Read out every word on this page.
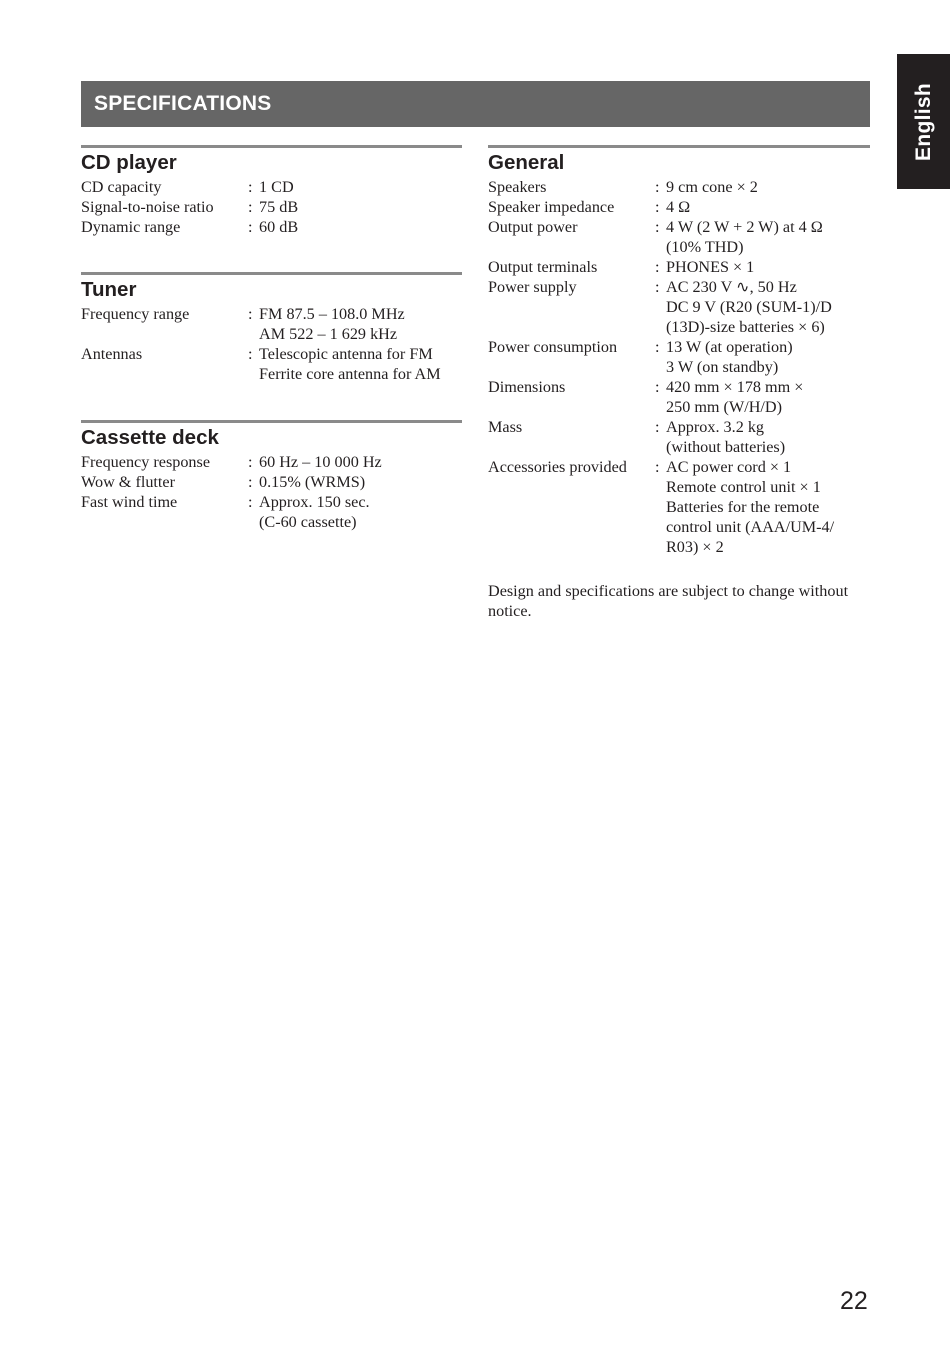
SPECIFICATIONS	English
CD player
CD capacity	: 1 CD
Signal-to-noise ratio	: 75 dB
Dynamic range	: 60 dB
Tuner
Frequency range	: FM 87.5 – 108.0 MHz
AM 522 – 1 629 kHz
Antennas	: Telescopic antenna for FM
Ferrite core antenna for AM
Cassette deck
Frequency response	: 60 Hz – 10 000 Hz
Wow & flutter	: 0.15% (WRMS)
Fast wind time	: Approx. 150 sec.
(C-60 cassette)
General
Speakers	: 9 cm cone × 2
Speaker impedance	: 4 Ω
Output power	: 4 W (2 W + 2 W) at 4 Ω
(10% THD)
Output terminals	: PHONES × 1
Power supply	: AC 230 V ∿, 50 Hz
DC 9 V (R20 (SUM-1)/D
(13D)-size batteries × 6)
Power consumption	: 13 W (at operation)
3 W (on standby)
Dimensions	: 420 mm × 178 mm ×
250 mm (W/H/D)
Mass	: Approx. 3.2 kg
(without batteries)
Accessories provided	: AC power cord × 1
Remote control unit × 1
Batteries for the remote
control unit (AAA/UM-4/
R03) × 2
Design and specifications are subject to change without notice.
22
